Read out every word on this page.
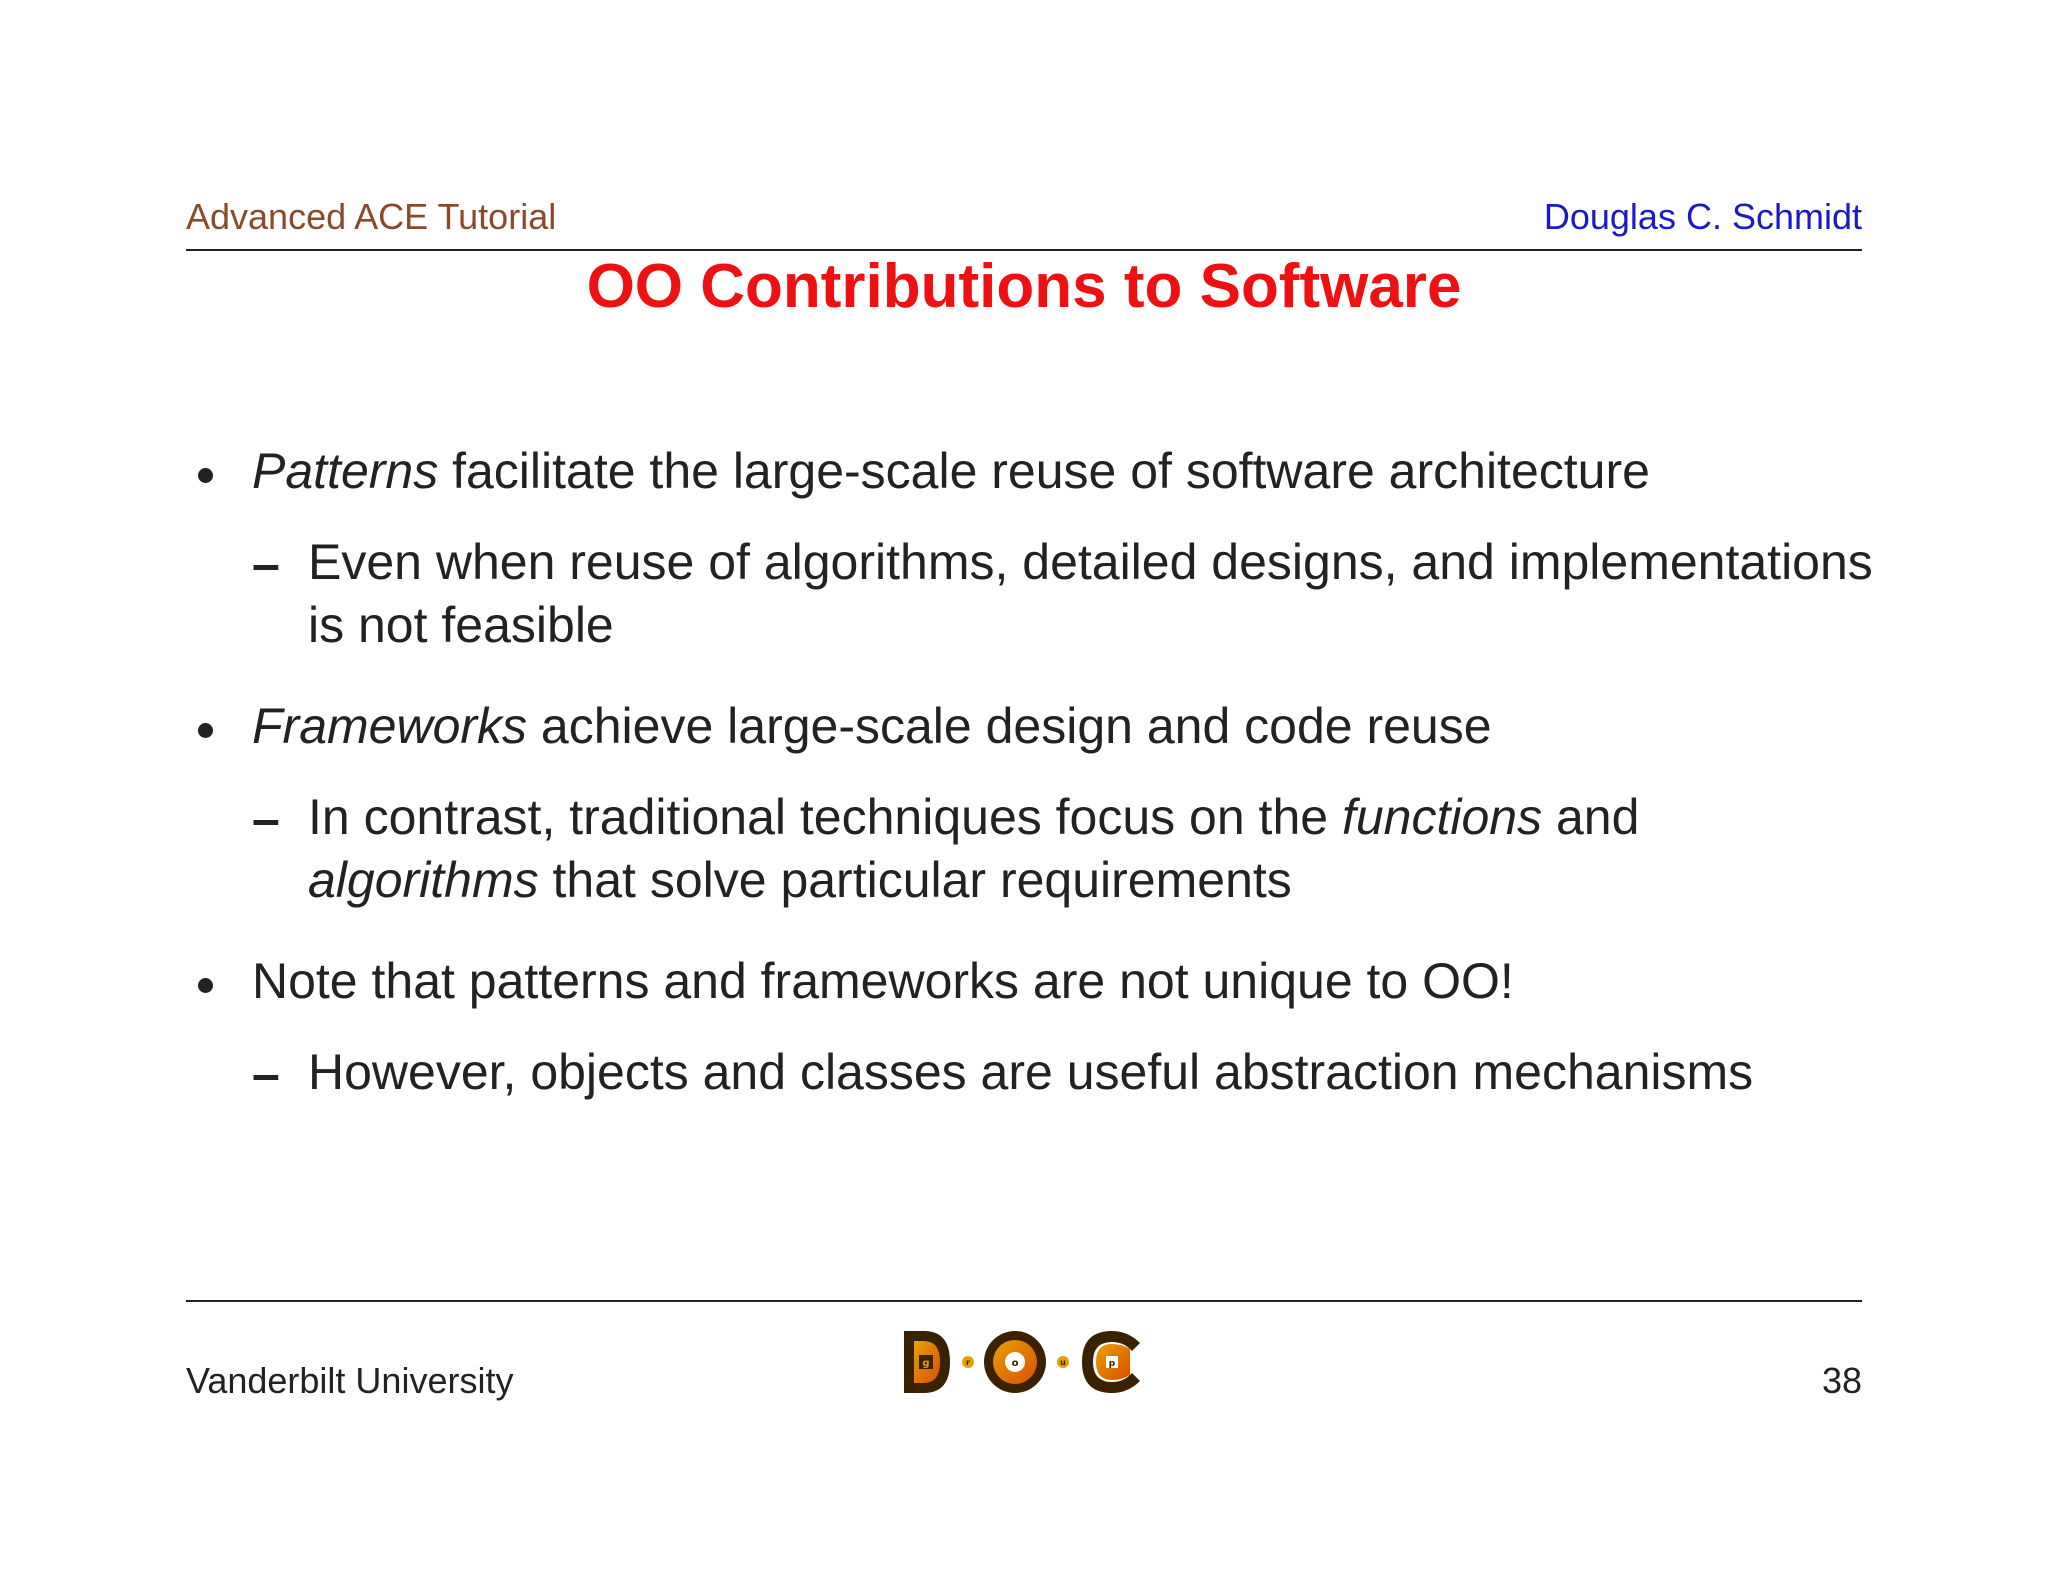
Advanced ACE Tutorial	Douglas C. Schmidt
OO Contributions to Software
Patterns facilitate the large-scale reuse of software architecture
– Even when reuse of algorithms, detailed designs, and implementations is not feasible
Frameworks achieve large-scale design and code reuse
– In contrast, traditional techniques focus on the functions and
algorithms that solve particular requirements
Note that patterns and frameworks are not unique to OO!
– However, objects and classes are useful abstraction mechanisms
Vanderbilt University	g	r	o	u	p	38
